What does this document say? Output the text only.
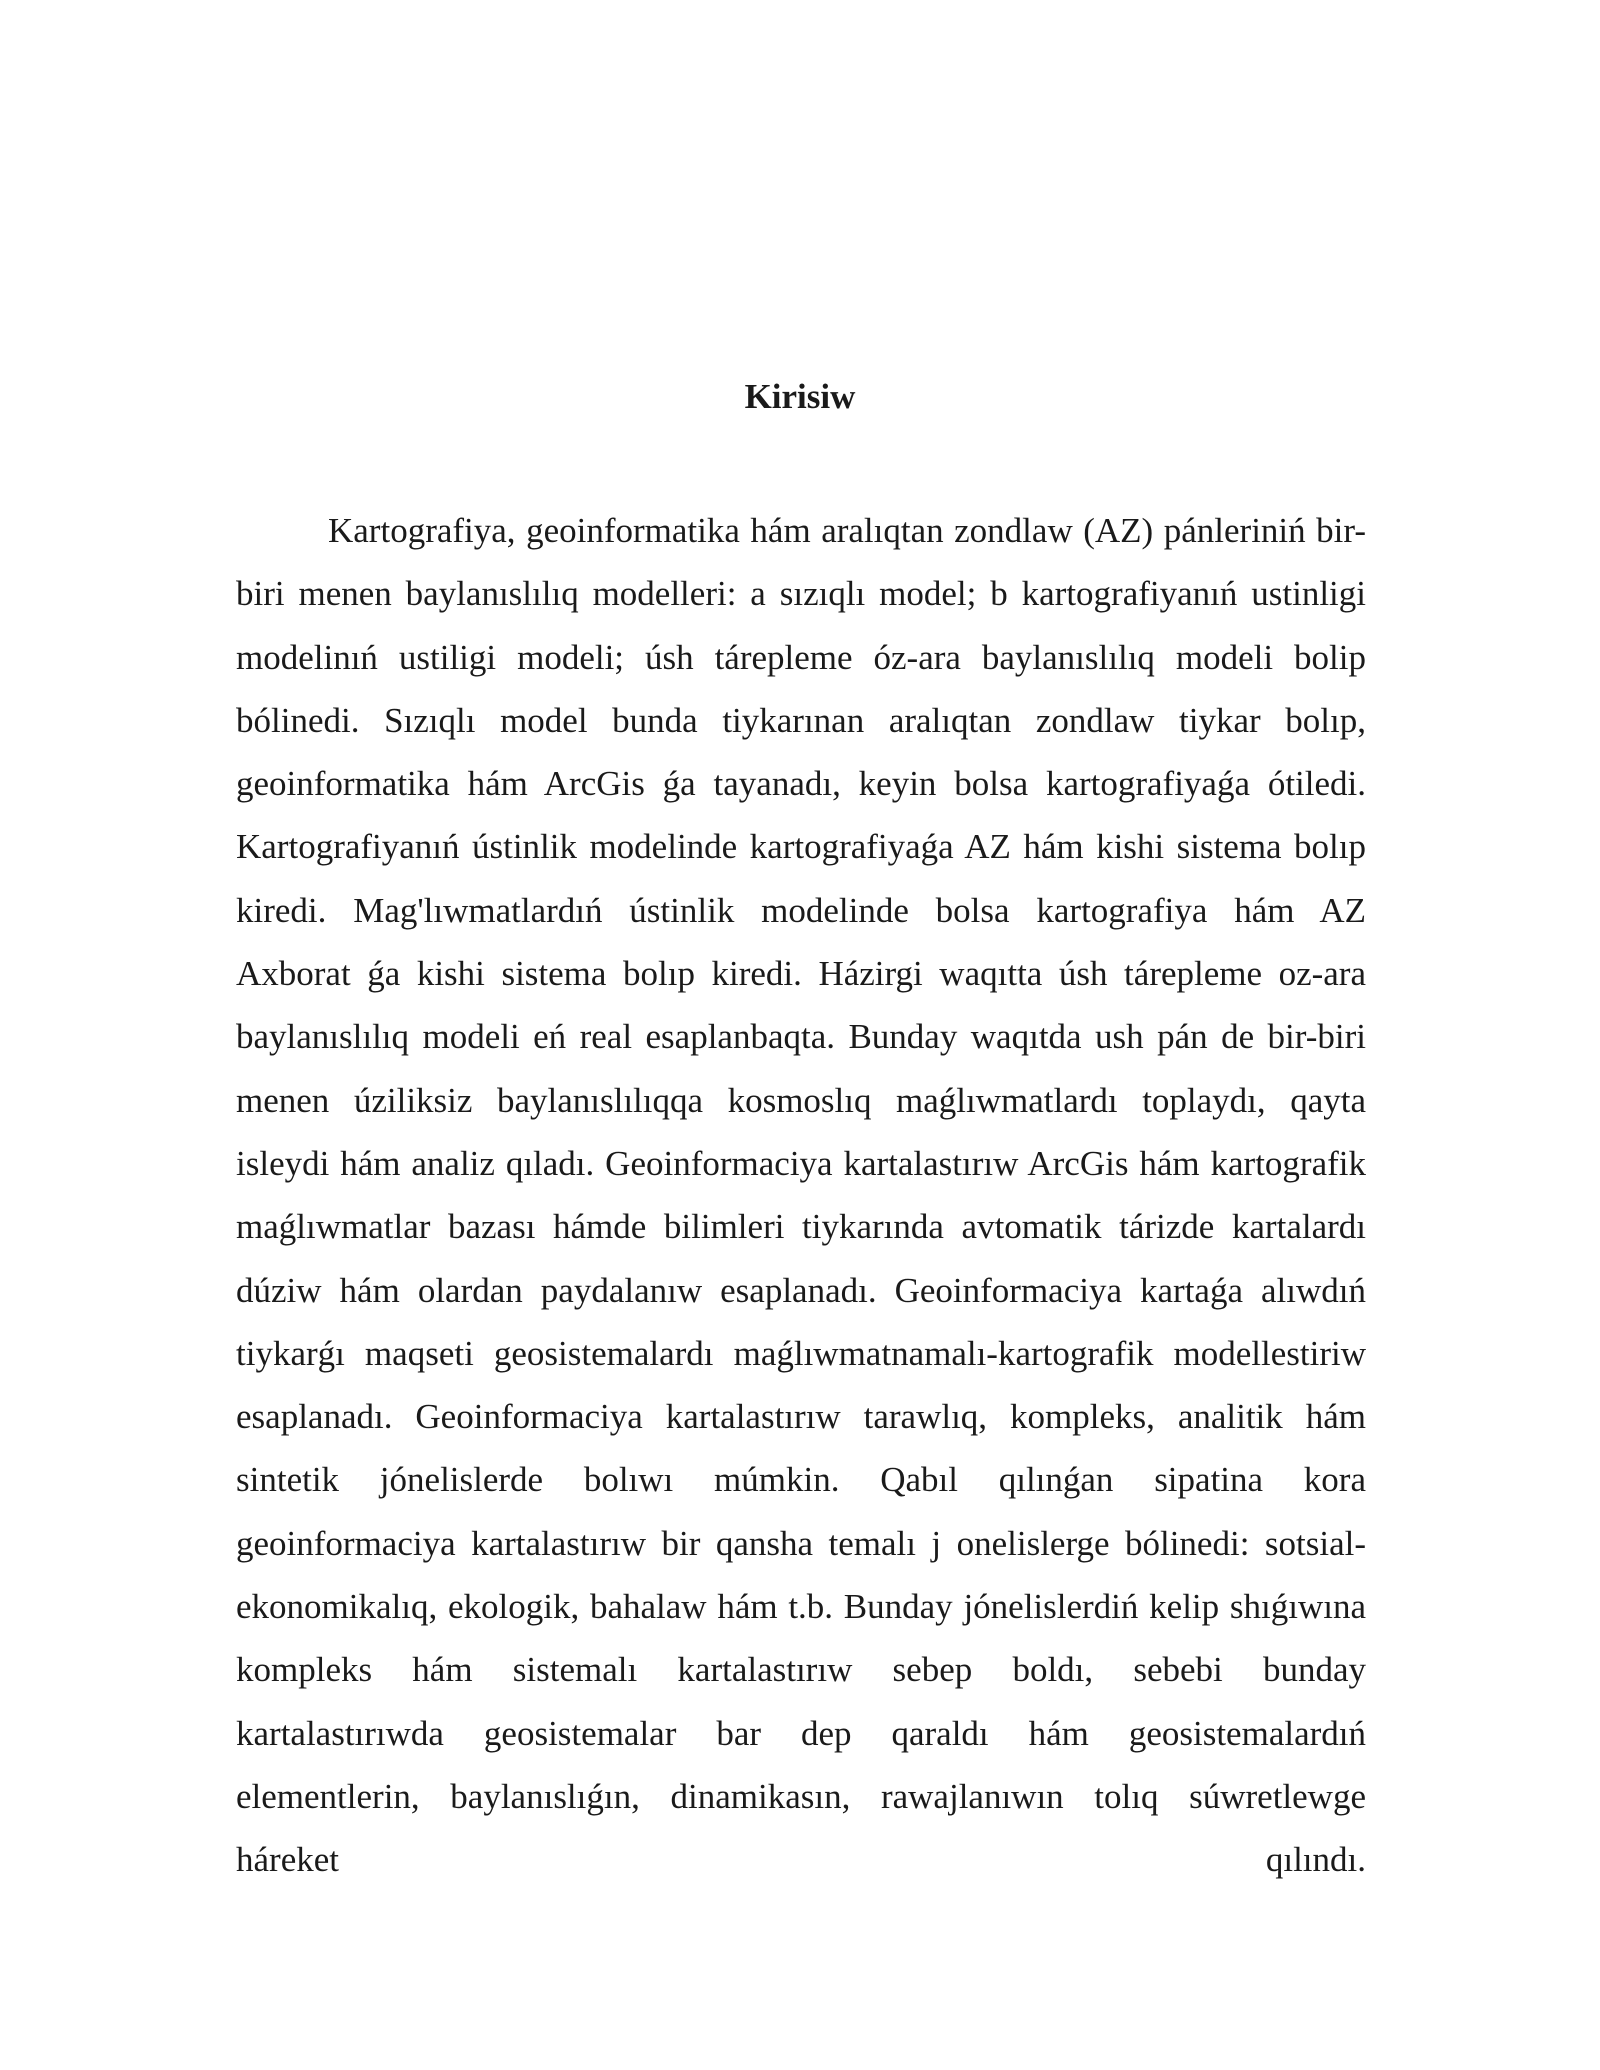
Kirisiw

Kartografiya, geoinformatika hám aralıqtan zondlaw (AZ) pánleriniń bir-biri menen baylanıslılıq modelleri: a sızıqlı model; b kartografiyanıń ustinligi modelinıń ustiligi modeli; úsh tárepleme óz-ara baylanıslılıq modeli bolip bólinedi. Sızıqlı model bunda tiykarınan aralıqtan zondlaw tiykar bolıp, geoinformatika hám ArcGis ǵa tayanadı, keyin bolsa kartografiyaǵa ótiledi. Kartografiyanıń ústinlik modelinde kartografiyaǵa AZ hám kishi sistema bolıp kiredi. Mag'lıwmatlardıń ústinlik modelinde bolsa kartografiya hám AZ Axborat ǵa kishi sistema bolıp kiredi. Házirgi waqıtta úsh tárepleme oz-ara baylanıslılıq modeli eń real esaplanbaqta. Bunday waqıtda ush pán de bir-biri menen úziliksiz baylanıslılıqqa kosmoslıq maǵlıwmatlardı toplaydı, qayta isleydi hám analiz qıladı. Geoinformaciya kartalastırıw ArcGis hám kartografik maǵlıwmatlar bazası hámde bilimleri tiykarında avtomatik tárizde kartalardı dúziw hám olardan paydalanıw esaplanadı. Geoinformaciya kartaǵa alıwdıń tiykarǵı maqseti geosistemalardı maǵlıwmatnamalı-kartografik modellestiriw esaplanadı. Geoinformaciya kartalastırıw tarawlıq, kompleks, analitik hám sintetik jónelislerde bolıwı múmkin. Qabıl qılınǵan sipatina kora geoinformaciya kartalastırıw bir qansha temalı j onelislerge bólinedi: sotsial-ekonomikalıq, ekologik, bahalaw hám t.b. Bunday jónelislerdiń kelip shıǵıwına kompleks hám sistemalı kartalastırıw sebep boldı, sebebi bunday kartalastırıwda geosistemalar bar dep qaraldı hám geosistemalardıń elementlerin, baylanıslıǵın, dinamikasın, rawajlanıwın tolıq súwretlewge háreket qılındı.
